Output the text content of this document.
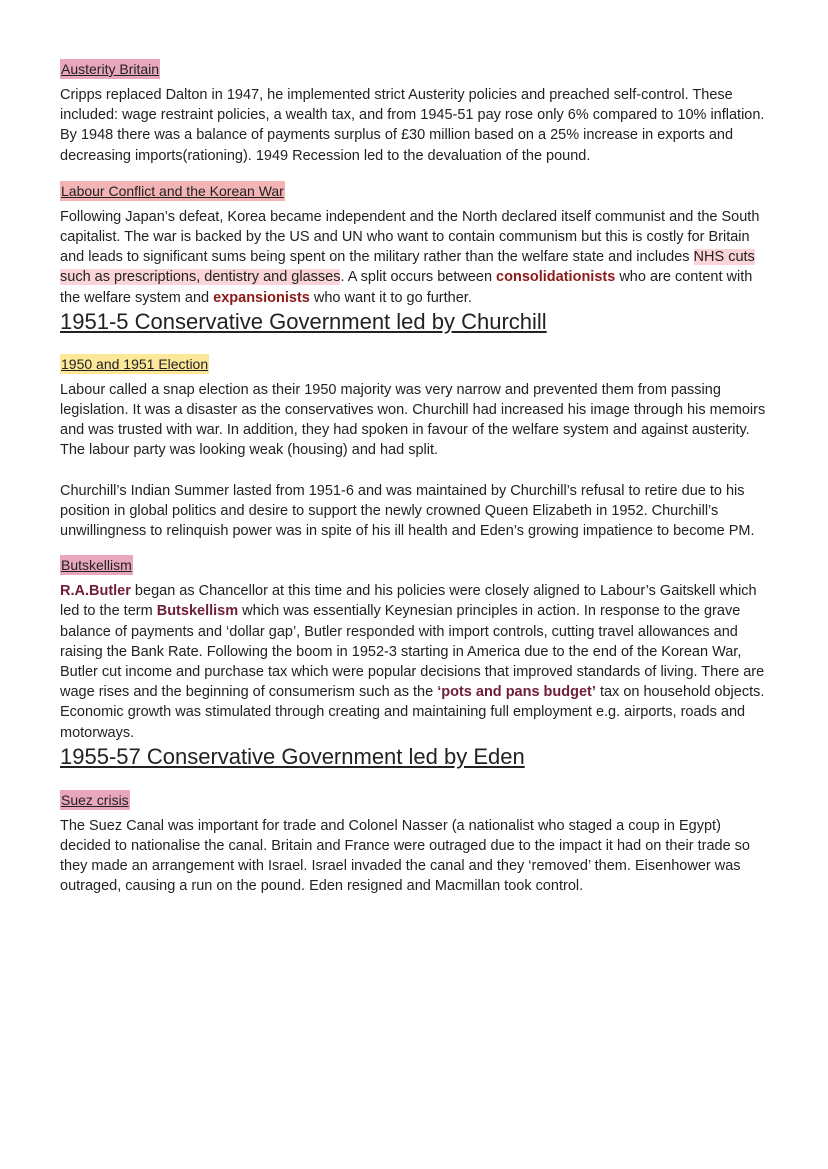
Austerity Britain

Cripps replaced Dalton in 1947, he implemented strict Austerity policies and preached self-control. These included: wage restraint policies, a wealth tax, and from 1945-51 pay rose only 6% compared to 10% inflation. By 1948 there was a balance of payments surplus of £30 million based on a 25% increase in exports and decreasing imports(rationing). 1949 Recession led to the devaluation of the pound.

Labour Conflict and the Korean War

Following Japan’s defeat, Korea became independent and the North declared itself communist and the South capitalist. The war is backed by the US and UN who want to contain communism but this is costly for Britain and leads to significant sums being spent on the military rather than the welfare state and includes NHS cuts such as prescriptions, dentistry and glasses. A split occurs between consolidationists who are content with the welfare system and expansionists who want it to go further.

1951-5 Conservative Government led by Churchill
1950 and 1951 Election

Labour called a snap election as their 1950 majority was very narrow and prevented them from passing legislation. It was a disaster as the conservatives won. Churchill had increased his image through his memoirs and was trusted with war. In addition, they had spoken in favour of the welfare system and against austerity. The labour party was looking weak (housing) and had split.

Churchill’s Indian Summer lasted from 1951-6 and was maintained by Churchill’s refusal to retire due to his position in global politics and desire to support the newly crowned Queen Elizabeth in 1952. Churchill’s unwillingness to relinquish power was in spite of his ill health and Eden’s growing impatience to become PM.

Butskellism

R.A.Butler began as Chancellor at this time and his policies were closely aligned to Labour’s Gaitskell which led to the term Butskellism which was essentially Keynesian principles in action. In response to the grave balance of payments and ‘dollar gap’, Butler responded with import controls, cutting travel allowances and raising the Bank Rate. Following the boom in 1952-3 starting in America due to the end of the Korean War, Butler cut income and purchase tax which were popular decisions that improved standards of living. There are wage rises and the beginning of consumerism such as the ‘pots and pans budget’ tax on household objects. Economic growth was stimulated through creating and maintaining full employment e.g. airports, roads and motorways.

1955-57 Conservative Government led by Eden
Suez crisis

The Suez Canal was important for trade and Colonel Nasser (a nationalist who staged a coup in Egypt) decided to nationalise the canal. Britain and France were outraged due to the impact it had on their trade so they made an arrangement with Israel. Israel invaded the canal and they ‘removed’ them. Eisenhower was outraged, causing a run on the pound. Eden resigned and Macmillan took control.
